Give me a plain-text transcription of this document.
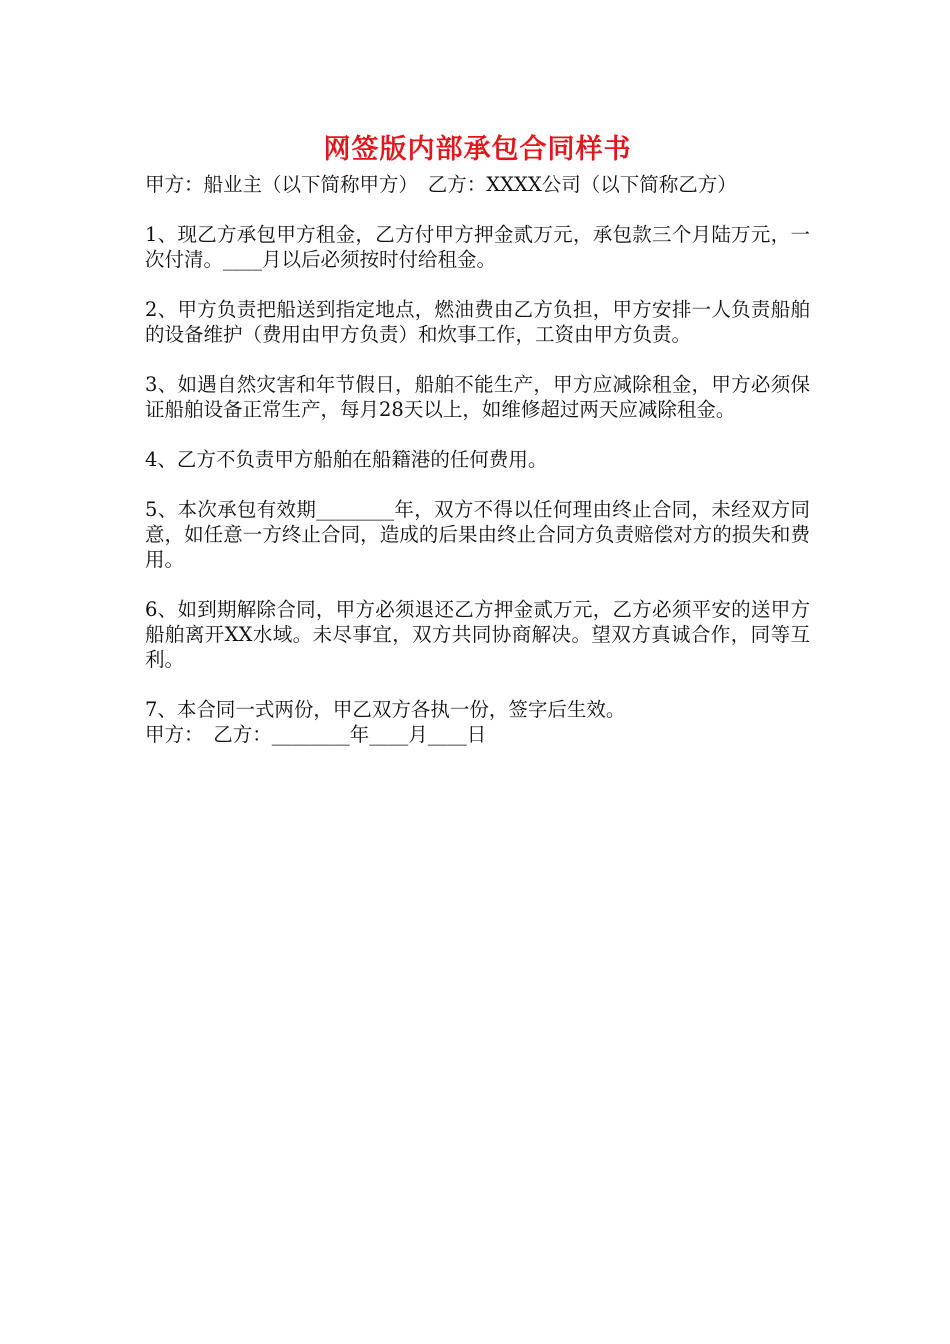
网签版内部承包合同样书

甲方：船业主（以下简称甲方）　乙方：XXXX公司（以下简称乙方）

1、现乙方承包甲方租金，乙方付甲方押金贰万元，承包款三个月陆万元，一次付清。____月以后必须按时付给租金。

2、甲方负责把船送到指定地点，燃油费由乙方负担，甲方安排一人负责船舶的设备维护（费用由甲方负责）和炊事工作，工资由甲方负责。

3、如遇自然灾害和年节假日，船舶不能生产，甲方应减除租金，甲方必须保证船舶设备正常生产，每月28天以上，如维修超过两天应减除租金。

4、乙方不负责甲方船舶在船籍港的任何费用。

5、本次承包有效期________年，双方不得以任何理由终止合同，未经双方同意，如任意一方终止合同，造成的后果由终止合同方负责赔偿对方的损失和费用。

6、如到期解除合同，甲方必须退还乙方押金贰万元，乙方必须平安的送甲方船舶离开XX水域。未尽事宜，双方共同协商解决。望双方真诚合作，同等互利。

7、本合同一式两份，甲乙双方各执一份，签字后生效。

甲方：　乙方：________年____月____日
